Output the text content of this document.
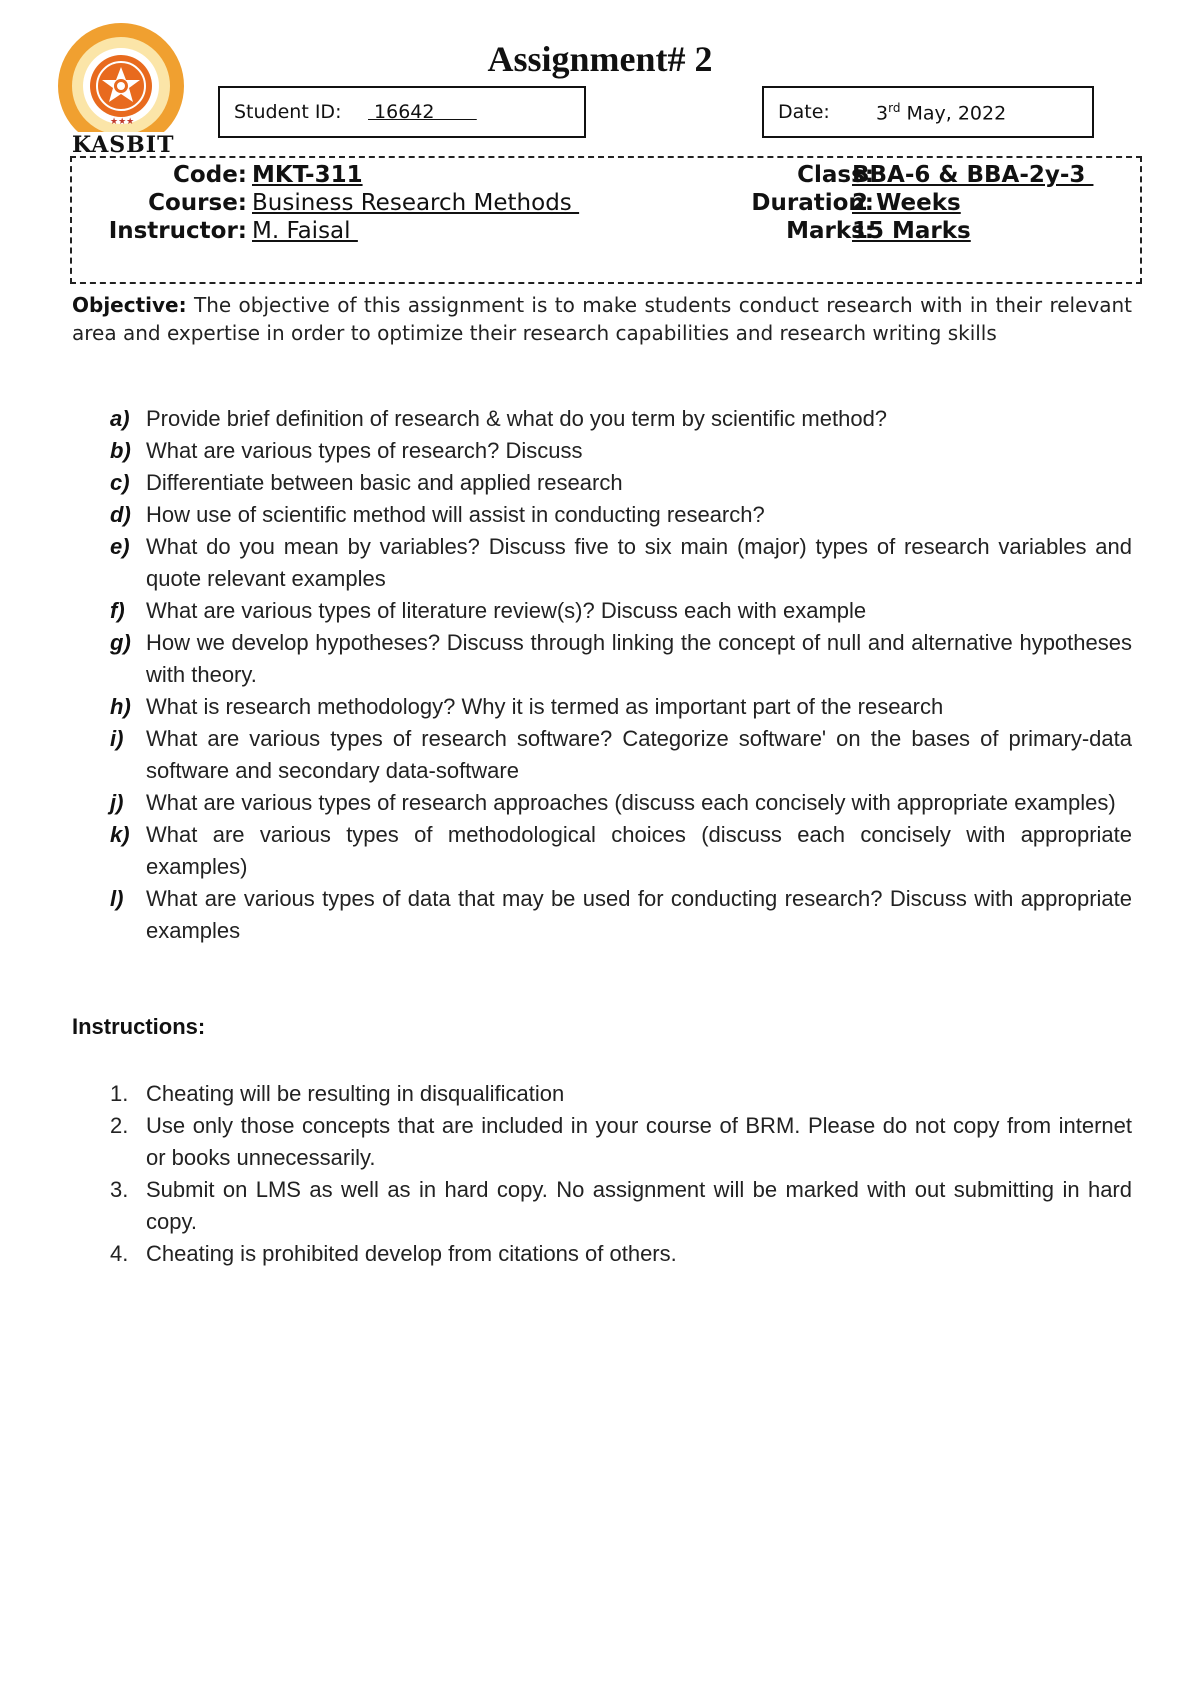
★★★
KASBIT
Assignment# 2
Student ID: 16642	Date: 3rd May, 2022
Code: MKT-311	Class:
BBA-6 & BBA-2y-3
Course: Business Research Methods	Duration:
2 Weeks
Instructor: M. Faisal	Marks:
15 Marks
Objective: The objective of this assignment is to make students conduct research with in their relevant area and expertise in order to optimize their research capabilities and research writing skills
a) Provide brief definition of research & what do you term by scientific method?
b) What are various types of research? Discuss
c) Differentiate between basic and applied research
d) How use of scientific method will assist in conducting research?
e) What do you mean by variables? Discuss five to six main (major) types of research variables and quote relevant examples
f) What are various types of literature review(s)? Discuss each with example
g) How we develop hypotheses? Discuss through linking the concept of null and alternative hypotheses with theory.
h) What is research methodology? Why it is termed as important part of the research
i) What are various types of research software? Categorize software' on the bases of primary-data software and secondary data-software
j) What are various types of research approaches (discuss each concisely with appropriate examples)
k) What are various types of methodological choices (discuss each concisely with appropriate examples)
l) What are various types of data that may be used for conducting research? Discuss with appropriate examples
Instructions:
1. Cheating will be resulting in disqualification
2. Use only those concepts that are included in your course of BRM. Please do not copy from internet or books unnecessarily.
3. Submit on LMS as well as in hard copy. No assignment will be marked with out submitting in hard copy.
4. Cheating is prohibited develop from citations of others.
